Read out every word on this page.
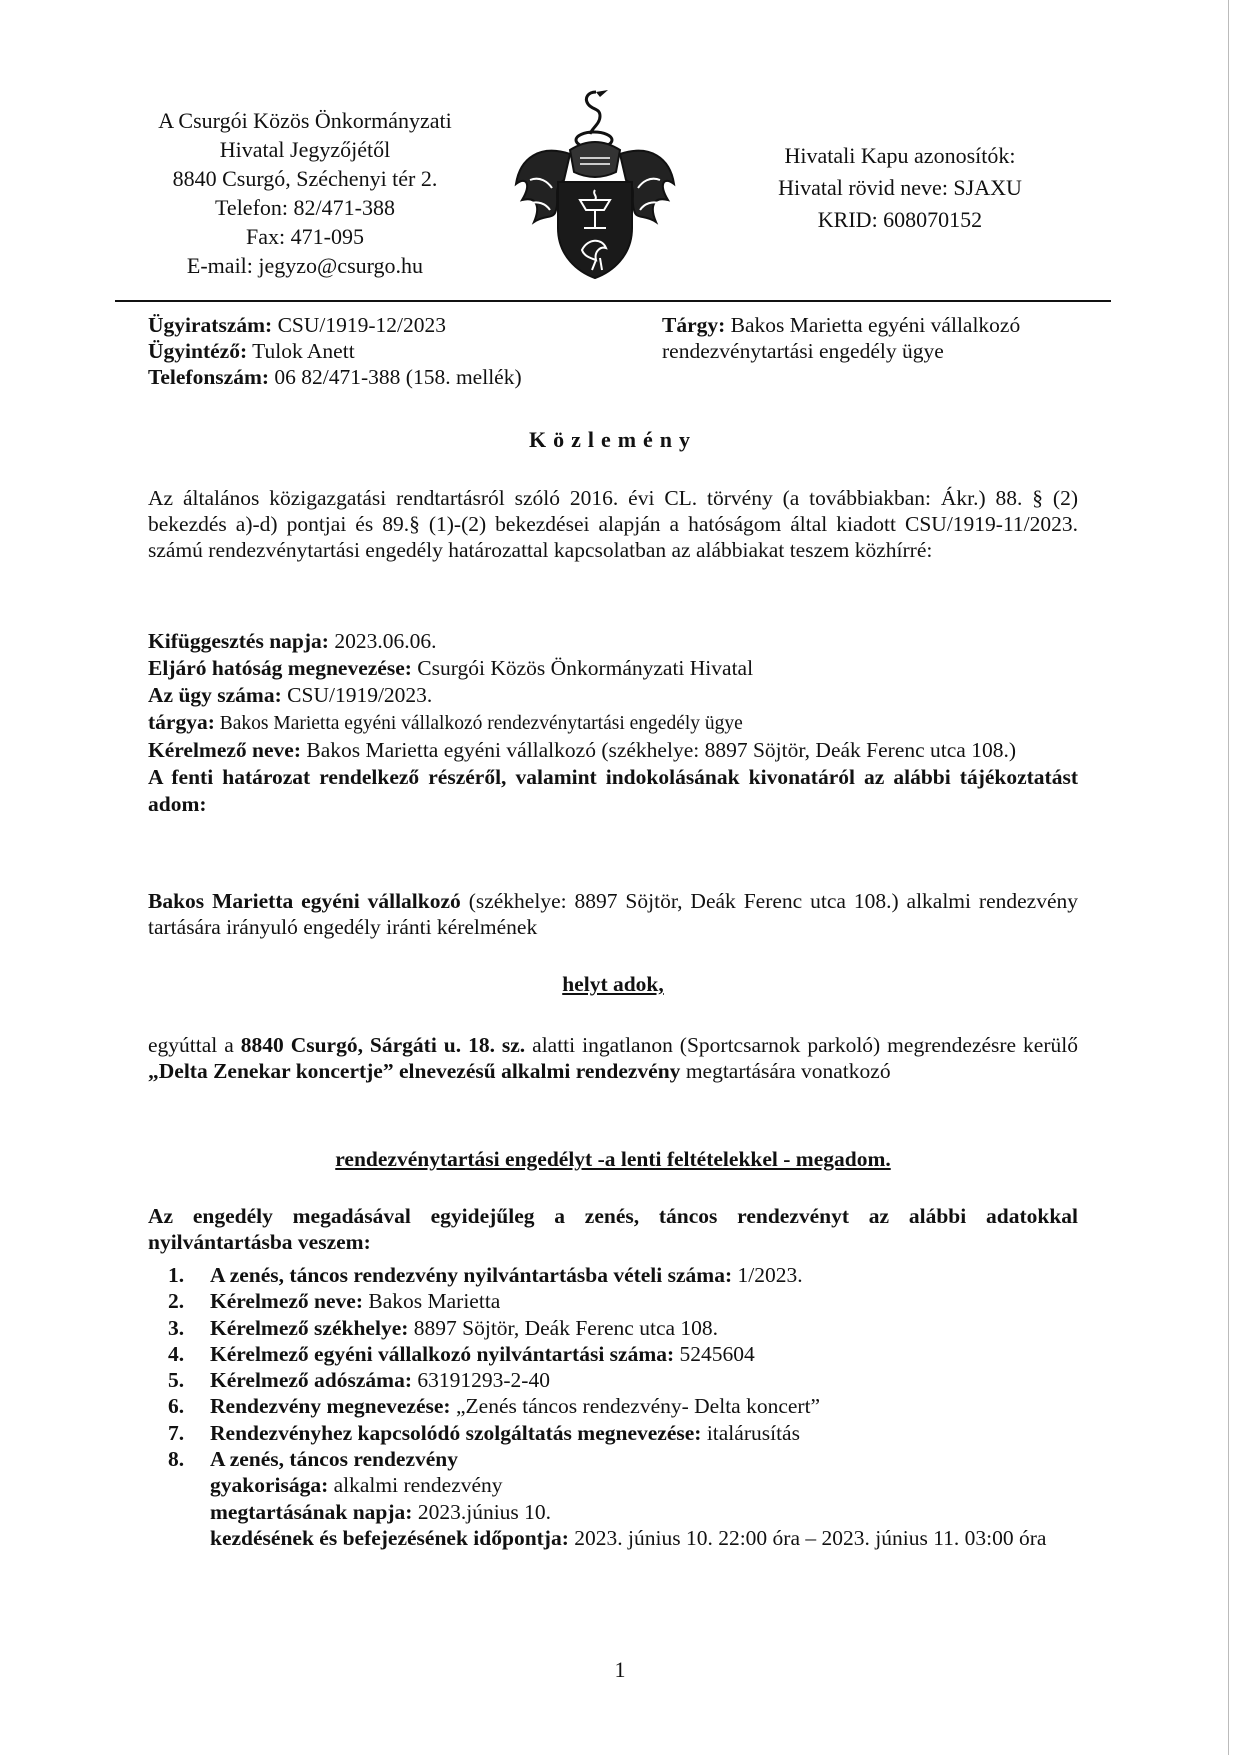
A Csurgói Közös Önkormányzati
Hivatal Jegyzőjétől
8840 Csurgó, Széchenyi tér 2.
Telefon: 82/471-388
Fax: 471-095
E-mail: jegyzo@csurgo.hu
Hivatali Kapu azonosítók:
Hivatal rövid neve: SJAXU
KRID: 608070152
Ügyiratszám: CSU/1919-12/2023
Ügyintéző: Tulok Anett
Telefonszám: 06 82/471-388 (158. mellék)
Tárgy: Bakos Marietta egyéni vállalkozó rendezvénytartási engedély ügye
Közlemény
Az általános közigazgatási rendtartásról szóló 2016. évi CL. törvény (a továbbiakban: Ákr.) 88. § (2) bekezdés a)-d) pontjai és 89.§ (1)-(2) bekezdései alapján a hatóságom által kiadott CSU/1919-11/2023. számú rendezvénytartási engedély határozattal kapcsolatban az alábbiakat teszem közhírré:
Kifüggesztés napja: 2023.06.06.
Eljáró hatóság megnevezése: Csurgói Közös Önkormányzati Hivatal
Az ügy száma: CSU/1919/2023.
tárgya: Bakos Marietta egyéni vállalkozó rendezvénytartási engedély ügye
Kérelmező neve: Bakos Marietta egyéni vállalkozó (székhelye: 8897 Söjtör, Deák Ferenc utca 108.)
A fenti határozat rendelkező részéről, valamint indokolásának kivonatáról az alábbi tájékoztatást adom:
Bakos Marietta egyéni vállalkozó (székhelye: 8897 Söjtör, Deák Ferenc utca 108.) alkalmi rendezvény tartására irányuló engedély iránti kérelmének
helyt adok,
egyúttal a 8840 Csurgó, Sárgáti u. 18. sz. alatti ingatlanon (Sportcsarnok parkoló) megrendezésre kerülő „Delta Zenekar koncertje” elnevezésű alkalmi rendezvény megtartására vonatkozó
rendezvénytartási engedélyt -a lenti feltételekkel - megadom.
Az engedély megadásával egyidejűleg a zenés, táncos rendezvényt az alábbi adatokkal nyilvántartásba veszem:
1. A zenés, táncos rendezvény nyilvántartásba vételi száma: 1/2023.
2. Kérelmező neve: Bakos Marietta
3. Kérelmező székhelye: 8897 Söjtör, Deák Ferenc utca 108.
4. Kérelmező egyéni vállalkozó nyilvántartási száma: 5245604
5. Kérelmező adószáma: 63191293-2-40
6. Rendezvény megnevezése: „Zenés táncos rendezvény- Delta koncert”
7. Rendezvényhez kapcsolódó szolgáltatás megnevezése: italárusítás
8. A zenés, táncos rendezvény
gyakorisága: alkalmi rendezvény
megtartásának napja: 2023.június 10.
kezdésének és befejezésének időpontja: 2023. június 10. 22:00 óra – 2023. június 11. 03:00 óra
1
